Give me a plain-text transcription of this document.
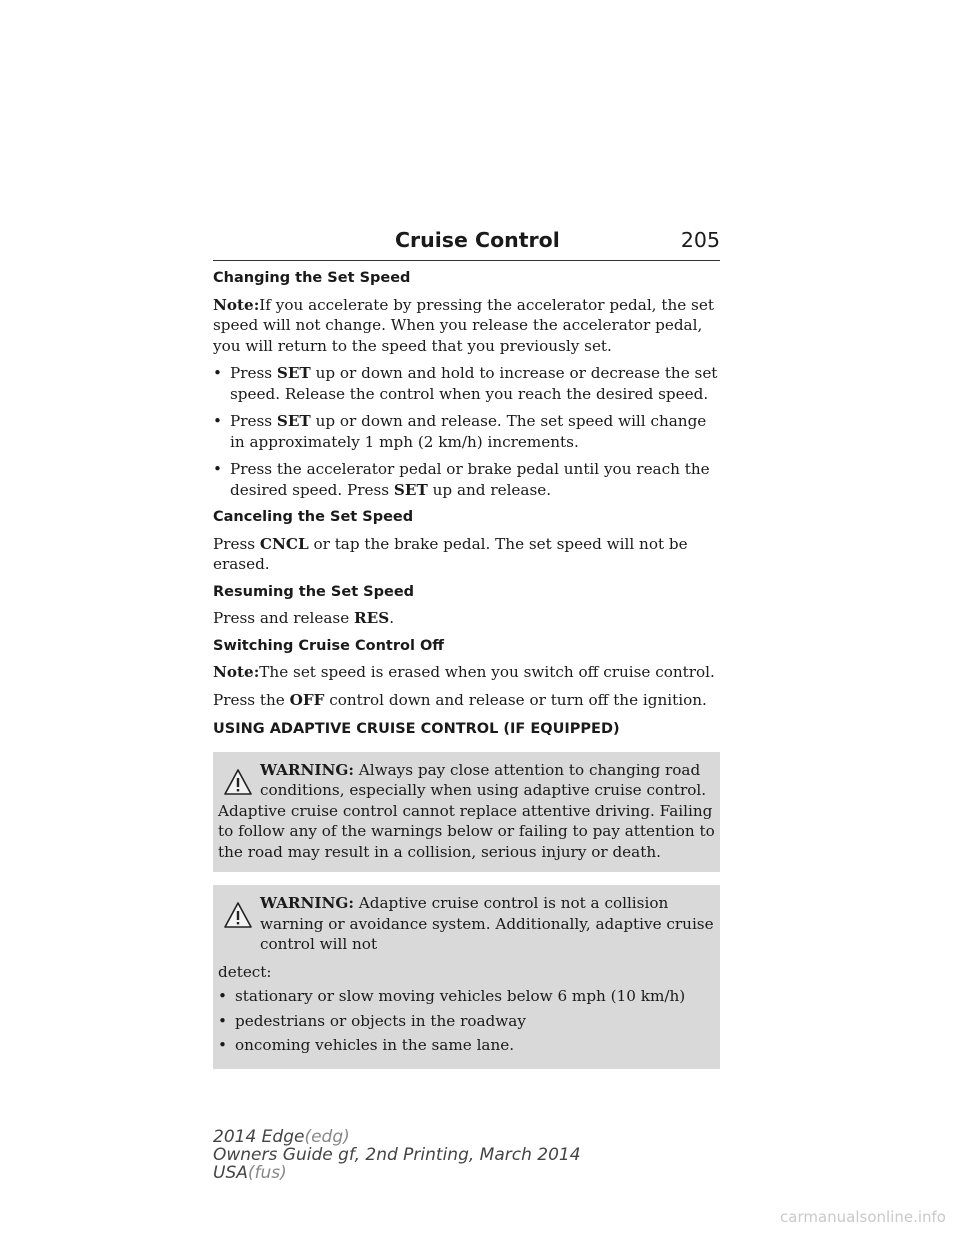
Cruise Control	205
Changing the Set Speed
Note:If you accelerate by pressing the accelerator pedal, the set speed will not change. When you release the accelerator pedal, you will return to the speed that you previously set.
• Press SET up or down and hold to increase or decrease the set speed. Release the control when you reach the desired speed.
• Press SET up or down and release. The set speed will change in approximately 1 mph (2 km/h) increments.
• Press the accelerator pedal or brake pedal until you reach the desired speed. Press SET up and release.
Canceling the Set Speed
Press CNCL or tap the brake pedal. The set speed will not be erased.
Resuming the Set Speed
Press and release RES.
Switching Cruise Control Off
Note:The set speed is erased when you switch off cruise control.
Press the OFF control down and release or turn off the ignition.
USING ADAPTIVE CRUISE CONTROL (IF EQUIPPED)
WARNING: Always pay close attention to changing road conditions, especially when using adaptive cruise control.
Adaptive cruise control cannot replace attentive driving. Failing to follow any of the warnings below or failing to pay attention to the road may result in a collision, serious injury or death.
WARNING: Adaptive cruise control is not a collision warning or avoidance system. Additionally, adaptive cruise control will not
detect:
• stationary or slow moving vehicles below 6 mph (10 km/h)
• pedestrians or objects in the roadway
• oncoming vehicles in the same lane.
2014 Edge(edg)
Owners Guide gf, 2nd Printing, March 2014
USA(fus)
carmanualsonline.info
